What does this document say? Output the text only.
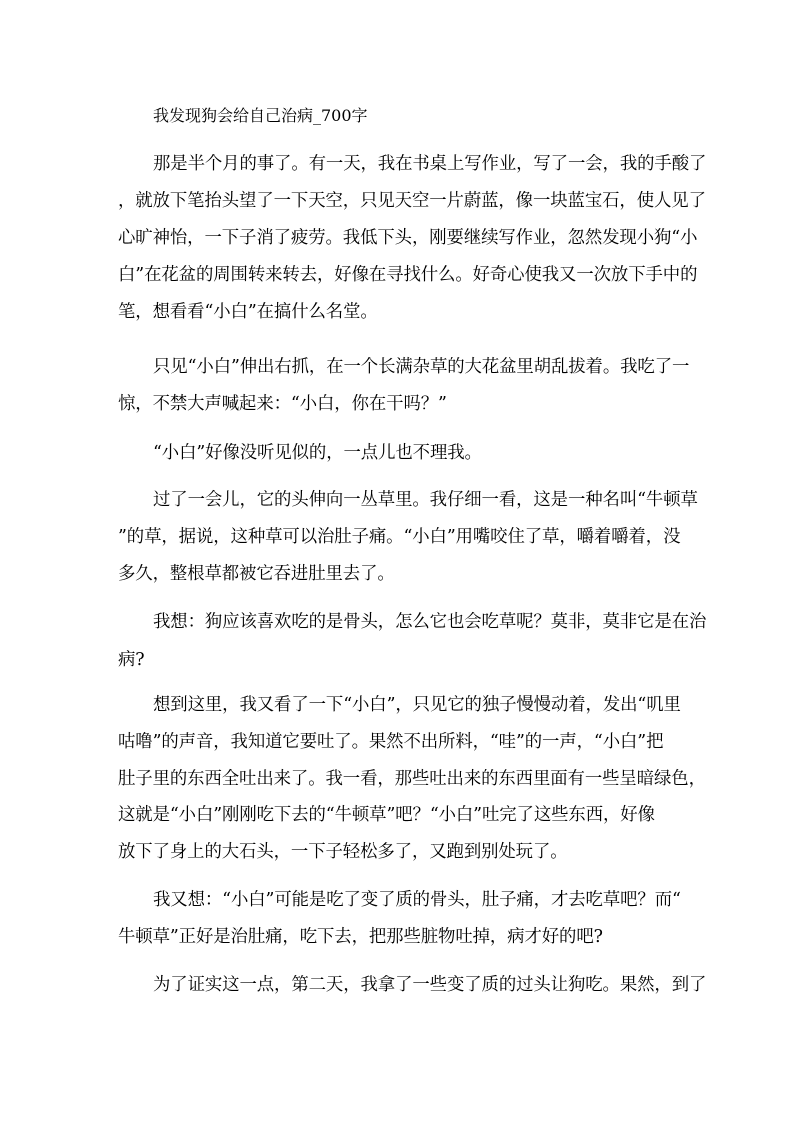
我发现狗会给自己治病_700字
那是半个月的事了。有一天，我在书桌上写作业，写了一会，我的手酸了
，就放下笔抬头望了一下天空，只见天空一片蔚蓝，像一块蓝宝石，使人见了
心旷神怡，一下子消了疲劳。我低下头，刚要继续写作业，忽然发现小狗“小
白”在花盆的周围转来转去，好像在寻找什么。好奇心使我又一次放下手中的
笔，想看看“小白”在搞什么名堂。
只见“小白”伸出右抓，在一个长满杂草的大花盆里胡乱拔着。我吃了一
惊，不禁大声喊起来：“小白，你在干吗？”
“小白”好像没听见似的，一点儿也不理我。
过了一会儿，它的头伸向一丛草里。我仔细一看，这是一种名叫“牛顿草
”的草，据说，这种草可以治肚子痛。“小白”用嘴咬住了草，嚼着嚼着，没
多久，整根草都被它吞进肚里去了。
我想：狗应该喜欢吃的是骨头，怎么它也会吃草呢？莫非，莫非它是在治
病?
想到这里，我又看了一下“小白”，只见它的独子慢慢动着，发出“叽里
咕噜”的声音，我知道它要吐了。果然不出所料，“哇”的一声，“小白”把
肚子里的东西全吐出来了。我一看，那些吐出来的东西里面有一些呈暗绿色，
这就是“小白”刚刚吃下去的“牛顿草”吧？“小白”吐完了这些东西，好像
放下了身上的大石头，一下子轻松多了，又跑到别处玩了。
我又想：“小白”可能是吃了变了质的骨头，肚子痛，才去吃草吧？而“
牛顿草”正好是治肚痛，吃下去，把那些脏物吐掉，病才好的吧?
为了证实这一点，第二天，我拿了一些变了质的过头让狗吃。果然，到了
